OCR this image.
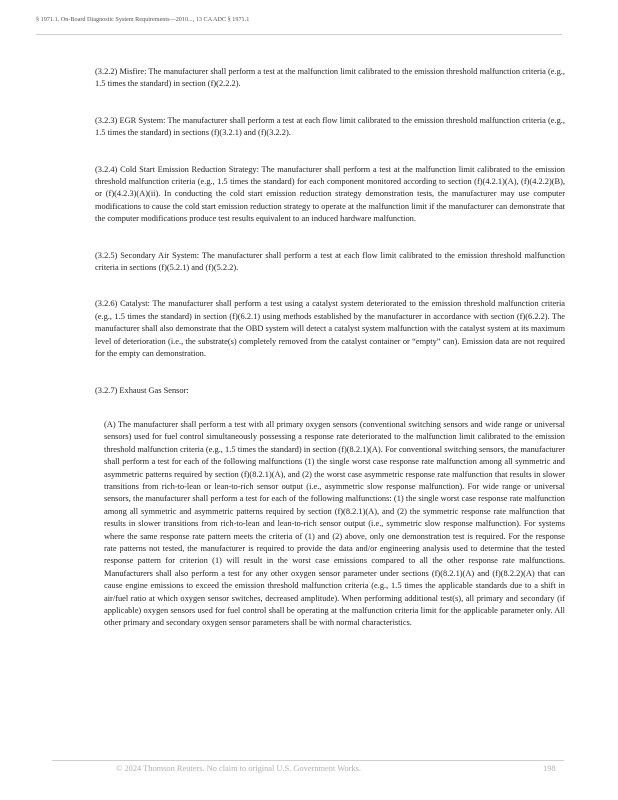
§ 1971.1. On-Board Diagnostic System Requirements—2010..., 13 CA ADC § 1971.1

(3.2.2) Misfire: The manufacturer shall perform a test at the malfunction limit calibrated to the emission threshold malfunction criteria (e.g., 1.5 times the standard) in section (f)(2.2.2).

(3.2.3) EGR System: The manufacturer shall perform a test at each flow limit calibrated to the emission threshold malfunction criteria (e.g., 1.5 times the standard) in sections (f)(3.2.1) and (f)(3.2.2).

(3.2.4) Cold Start Emission Reduction Strategy: The manufacturer shall perform a test at the malfunction limit calibrated to the emission threshold malfunction criteria (e.g., 1.5 times the standard) for each component monitored according to section (f)(4.2.1)(A), (f)(4.2.2)(B), or (f)(4.2.3)(A)(ii). In conducting the cold start emission reduction strategy demonstration tests, the manufacturer may use computer modifications to cause the cold start emission reduction strategy to operate at the malfunction limit if the manufacturer can demonstrate that the computer modifications produce test results equivalent to an induced hardware malfunction.

(3.2.5) Secondary Air System: The manufacturer shall perform a test at each flow limit calibrated to the emission threshold malfunction criteria in sections (f)(5.2.1) and (f)(5.2.2).

(3.2.6) Catalyst: The manufacturer shall perform a test using a catalyst system deteriorated to the emission threshold malfunction criteria (e.g., 1.5 times the standard) in section (f)(6.2.1) using methods established by the manufacturer in accordance with section (f)(6.2.2). The manufacturer shall also demonstrate that the OBD system will detect a catalyst system malfunction with the catalyst system at its maximum level of deterioration (i.e., the substrate(s) completely removed from the catalyst container or “empty” can). Emission data are not required for the empty can demonstration.

(3.2.7) Exhaust Gas Sensor:

(A) The manufacturer shall perform a test with all primary oxygen sensors (conventional switching sensors and wide range or universal sensors) used for fuel control simultaneously possessing a response rate deteriorated to the malfunction limit calibrated to the emission threshold malfunction criteria (e.g., 1.5 times the standard) in section (f)(8.2.1)(A). For conventional switching sensors, the manufacturer shall perform a test for each of the following malfunctions (1) the single worst case response rate malfunction among all symmetric and asymmetric patterns required by section (f)(8.2.1)(A), and (2) the worst case asymmetric response rate malfunction that results in slower transitions from rich-to-lean or lean-to-rich sensor output (i.e., asymmetric slow response malfunction). For wide range or universal sensors, the manufacturer shall perform a test for each of the following malfunctions: (1) the single worst case response rate malfunction among all symmetric and asymmetric patterns required by section (f)(8.2.1)(A), and (2) the symmetric response rate malfunction that results in slower transitions from rich-to-lean and lean-to-rich sensor output (i.e., symmetric slow response malfunction). For systems where the same response rate pattern meets the criteria of (1) and (2) above, only one demonstration test is required. For the response rate patterns not tested, the manufacturer is required to provide the data and/or engineering analysis used to determine that the tested response pattern for criterion (1) will result in the worst case emissions compared to all the other response rate malfunctions. Manufacturers shall also perform a test for any other oxygen sensor parameter under sections (f)(8.2.1)(A) and (f)(8.2.2)(A) that can cause engine emissions to exceed the emission threshold malfunction criteria (e.g., 1.5 times the applicable standards due to a shift in air/fuel ratio at which oxygen sensor switches, decreased amplitude). When performing additional test(s), all primary and secondary (if applicable) oxygen sensors used for fuel control shall be operating at the malfunction criteria limit for the applicable parameter only. All other primary and secondary oxygen sensor parameters shall be with normal characteristics.

© 2024 Thomson Reuters. No claim to original U.S. Government Works.	198
